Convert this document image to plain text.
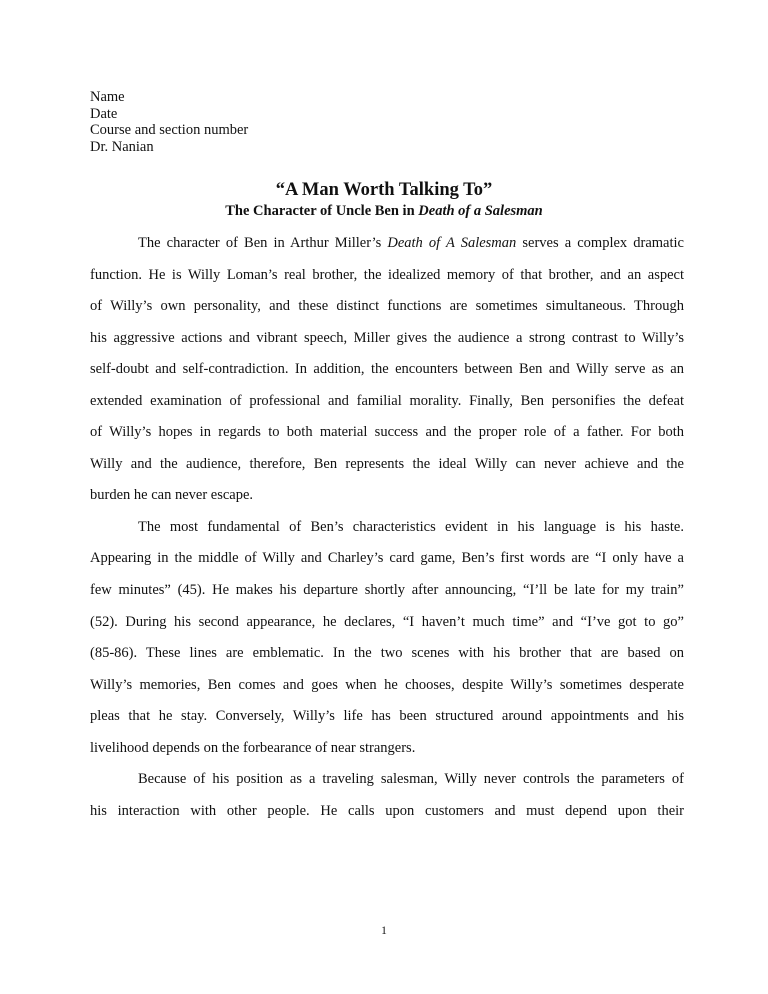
Name
Date
Course and section number
Dr. Nanian
“A Man Worth Talking To”
The Character of Uncle Ben in Death of a Salesman
The character of Ben in Arthur Miller’s Death of A Salesman serves a complex dramatic
function. He is Willy Loman’s real brother, the idealized memory of that brother, and an aspect
of Willy’s own personality, and these distinct functions are sometimes simultaneous. Through
his aggressive actions and vibrant speech, Miller gives the audience a strong contrast to Willy’s
self-doubt and self-contradiction. In addition, the encounters between Ben and Willy serve as an
extended examination of professional and familial morality. Finally, Ben personifies the defeat
of Willy’s hopes in regards to both material success and the proper role of a father. For both
Willy and the audience, therefore, Ben represents the ideal Willy can never achieve and the
burden he can never escape.
The most fundamental of Ben’s characteristics evident in his language is his haste.
Appearing in the middle of Willy and Charley’s card game, Ben’s first words are “I only have a
few minutes” (45). He makes his departure shortly after announcing, “I’ll be late for my train”
(52). During his second appearance, he declares, “I haven’t much time” and “I’ve got to go”
(85-86). These lines are emblematic. In the two scenes with his brother that are based on
Willy’s memories, Ben comes and goes when he chooses, despite Willy’s sometimes desperate
pleas that he stay. Conversely, Willy’s life has been structured around appointments and his
livelihood depends on the forbearance of near strangers.
Because of his position as a traveling salesman, Willy never controls the parameters of
his interaction with other people. He calls upon customers and must depend upon their
1
